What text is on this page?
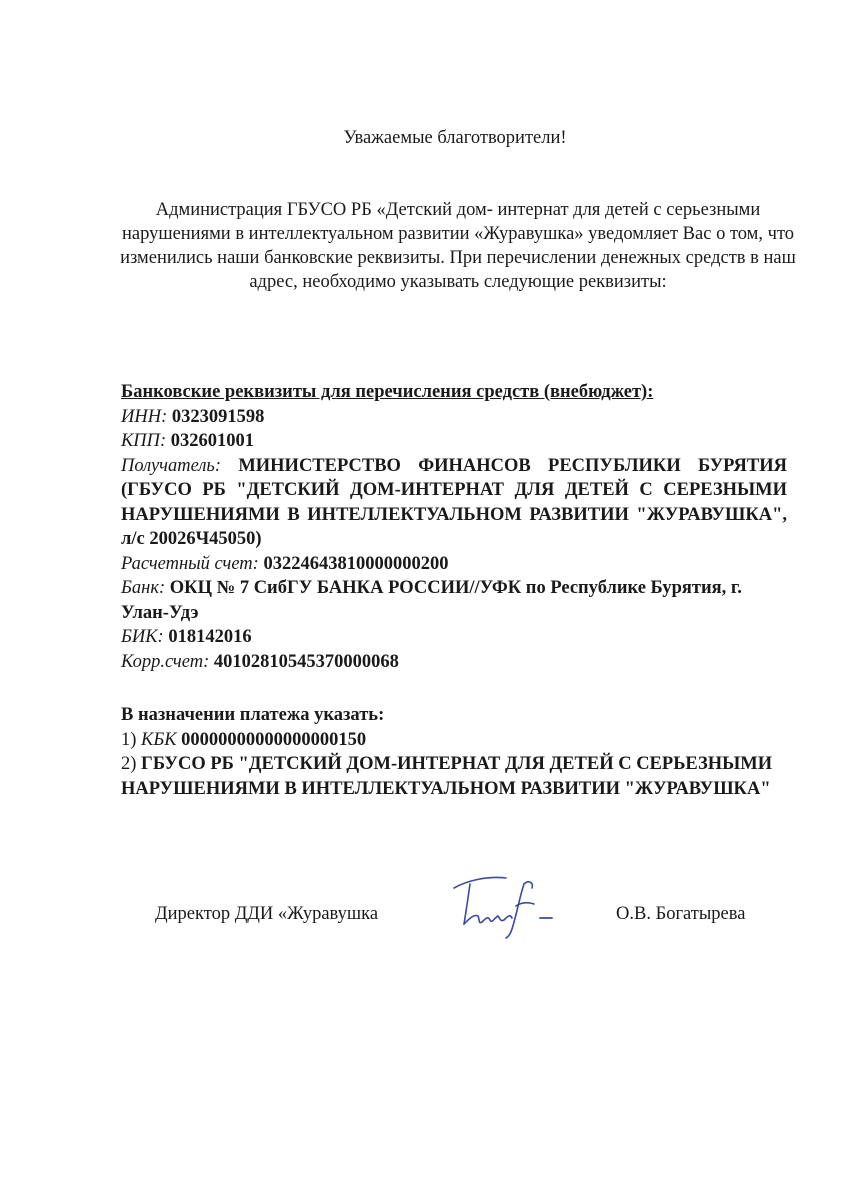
Уважаемые благотворители!
Администрация ГБУСО РБ «Детский дом- интернат для детей с серьезными нарушениями в интеллектуальном развитии «Журавушка» уведомляет Вас о том, что изменились наши банковские реквизиты. При перечислении денежных средств в наш адрес, необходимо указывать следующие реквизиты:
Банковские реквизиты для перечисления средств (внебюджет):
ИНН: 0323091598
КПП: 032601001
Получатель: МИНИСТЕРСТВО ФИНАНСОВ РЕСПУБЛИКИ БУРЯТИЯ (ГБУСО РБ "ДЕТСКИЙ ДОМ-ИНТЕРНАТ ДЛЯ ДЕТЕЙ С СЕРЕЗНЫМИ НАРУШЕНИЯМИ В ИНТЕЛЛЕКТУАЛЬНОМ РАЗВИТИИ "ЖУРАВУШКА", л/с 20026Ч45050)
Расчетный счет: 03224643810000000200
Банк: ОКЦ № 7 СибГУ БАНКА РОССИИ//УФК по Республике Бурятия, г. Улан-Удэ
БИК: 018142016
Корр.счет: 40102810545370000068
В назначении платежа указать:
1) КБК 00000000000000000150
2) ГБУСО РБ "ДЕТСКИЙ ДОМ-ИНТЕРНАТ ДЛЯ ДЕТЕЙ С СЕРЬЕЗНЫМИ НАРУШЕНИЯМИ В ИНТЕЛЛЕКТУАЛЬНОМ РАЗВИТИИ "ЖУРАВУШКА"
Директор ДДИ «Журавушка	О.В. Богатырева
